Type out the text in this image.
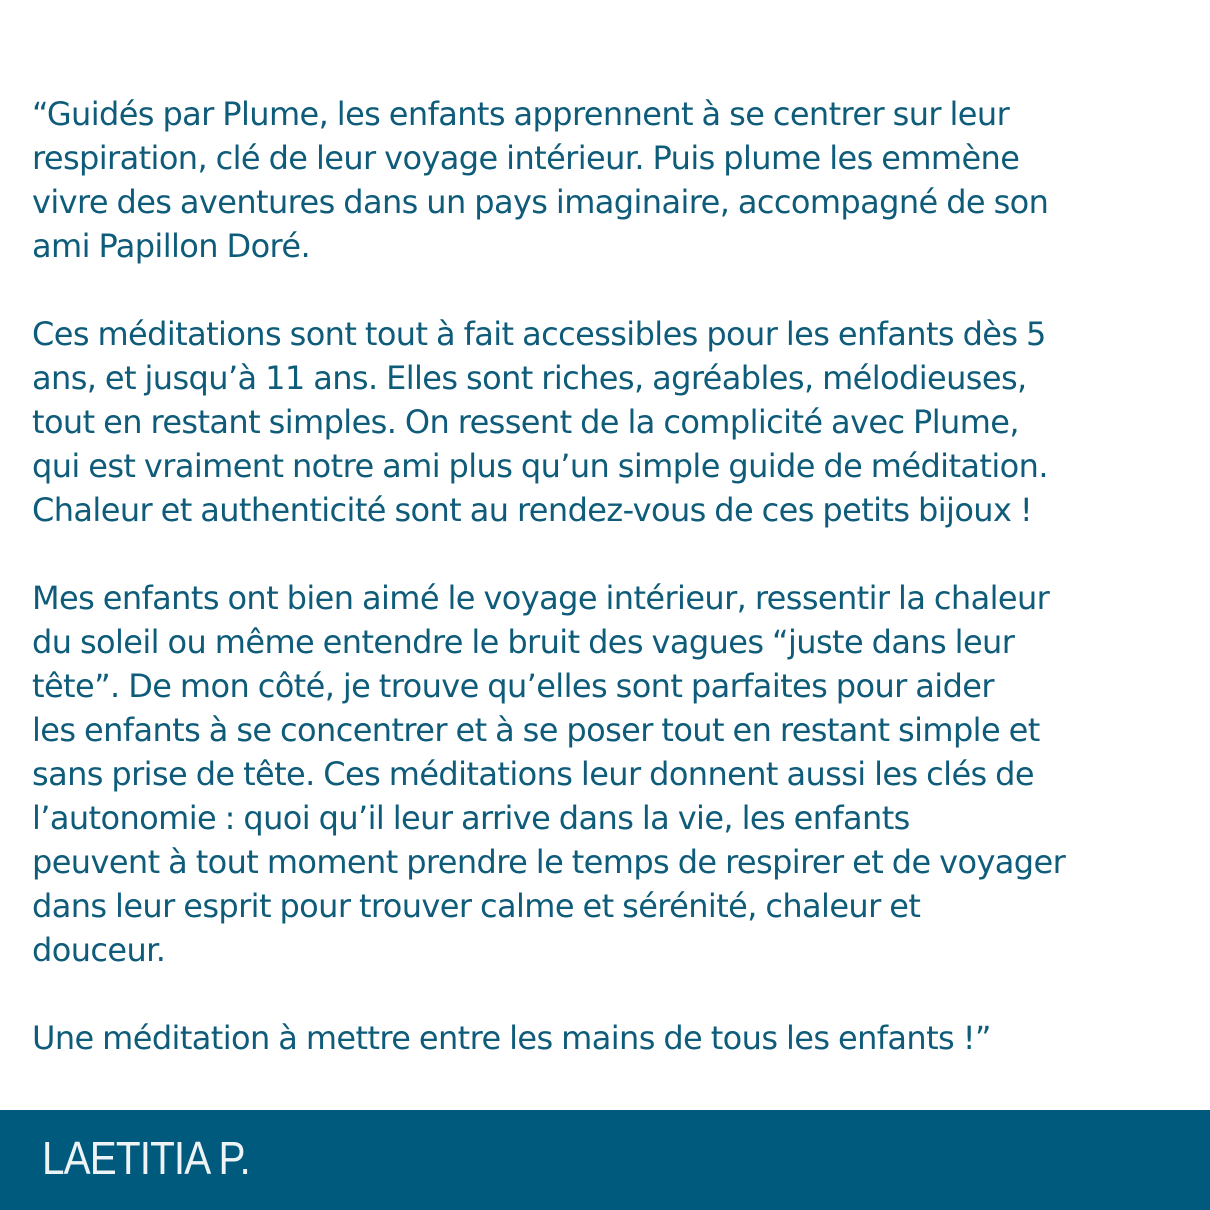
“Guidés par Plume, les enfants apprennent à se centrer sur leur
respiration, clé de leur voyage intérieur. Puis plume les emmène
vivre des aventures dans un pays imaginaire, accompagné de son
ami Papillon Doré.
Ces méditations sont tout à fait accessibles pour les enfants dès 5
ans, et jusqu’à 11 ans. Elles sont riches, agréables, mélodieuses,
tout en restant simples. On ressent de la complicité avec Plume,
qui est vraiment notre ami plus qu’un simple guide de méditation.
Chaleur et authenticité sont au rendez-vous de ces petits bijoux !
Mes enfants ont bien aimé le voyage intérieur, ressentir la chaleur
du soleil ou même entendre le bruit des vagues “juste dans leur
tête”. De mon côté, je trouve qu’elles sont parfaites pour aider
les enfants à se concentrer et à se poser tout en restant simple et
sans prise de tête. Ces méditations leur donnent aussi les clés de
l’autonomie : quoi qu’il leur arrive dans la vie, les enfants
peuvent à tout moment prendre le temps de respirer et de voyager
dans leur esprit pour trouver calme et sérénité, chaleur et
douceur.
Une méditation à mettre entre les mains de tous les enfants !”
LAETITIA P.
